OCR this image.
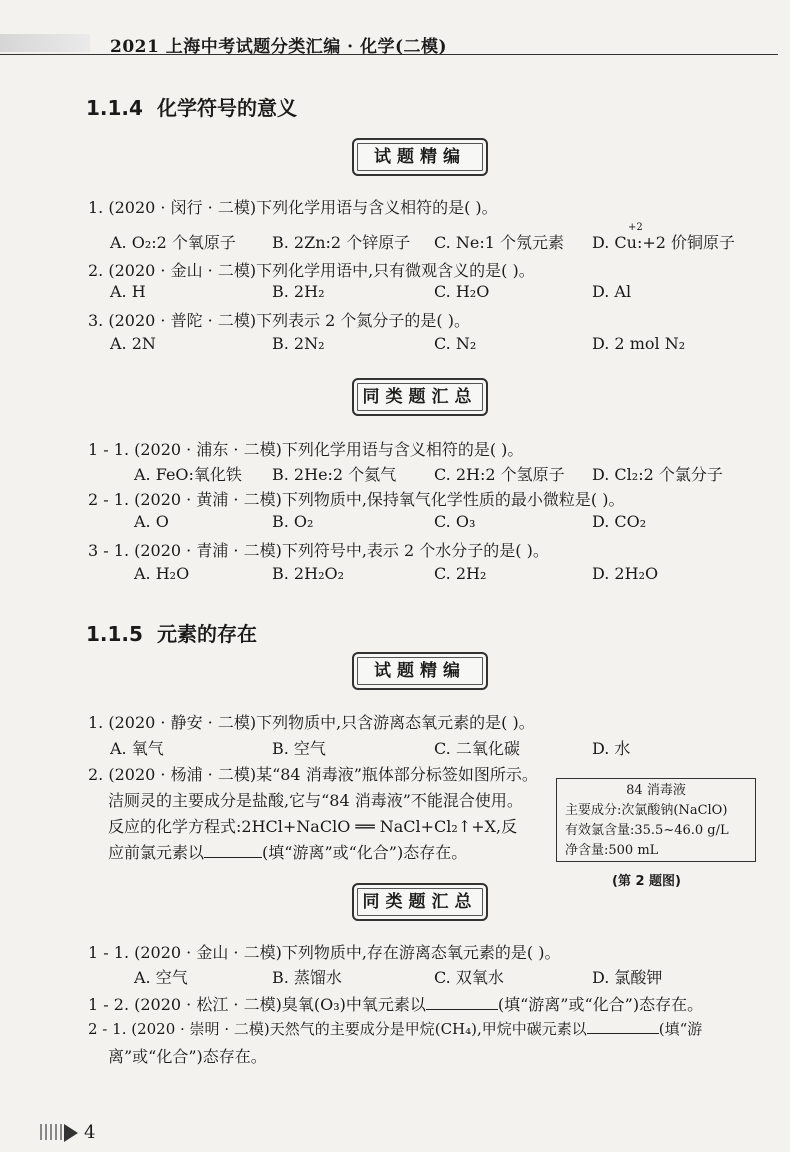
2021 上海中考试题分类汇编 · 化学(二模)
1.1.4 化学符号的意义
试题精编
1. (2020 · 闵行 · 二模)下列化学用语与含义相符的是( )。
A. O₂:2 个氧原子 B. 2Zn:2 个锌原子 C. Ne:1 个氖元素 D. Cu:+2 价铜原子
+2
2. (2020 · 金山 · 二模)下列化学用语中,只有微观含义的是( )。
A. H	B. 2H₂	C. H₂O	D. Al
3. (2020 · 普陀 · 二模)下列表示 2 个氮分子的是( )。
A. 2N	B. 2N₂	C. N₂	D. 2 mol N₂
同类题汇总
1 - 1. (2020 · 浦东 · 二模)下列化学用语与含义相符的是( )。
A. FeO:氧化铁 B. 2He:2 个氦气 C. 2H:2 个氢原子 D. Cl₂:2 个氯分子
2 - 1. (2020 · 黄浦 · 二模)下列物质中,保持氧气化学性质的最小微粒是( )。
A. O	B. O₂	C. O₃	D. CO₂
3 - 1. (2020 · 青浦 · 二模)下列符号中,表示 2 个水分子的是( )。
A. H₂O	B. 2H₂O₂	C. 2H₂	D. 2H₂O
1.1.5 元素的存在
试题精编
1. (2020 · 静安 · 二模)下列物质中,只含游离态氧元素的是( )。
A. 氧气	B. 空气	C. 二氧化碳	D. 水
2. (2020 · 杨浦 · 二模)某“84 消毒液”瓶体部分标签如图所示。
洁厕灵的主要成分是盐酸,它与“84 消毒液”不能混合使用。
反应的化学方程式:2HCl+NaClO ══ NaCl+Cl₂↑+X,反
应前氯元素以	(填“游离”或“化合”)态存在。
84 消毒液
主要成分:次氯酸钠(NaClO)
有效氯含量:35.5~46.0 g/L
净含量:500 mL
(第 2 题图)
同类题汇总
1 - 1. (2020 · 金山 · 二模)下列物质中,存在游离态氧元素的是( )。
A. 空气	B. 蒸馏水	C. 双氧水	D. 氯酸钾
1 - 2. (2020 · 松江 · 二模)臭氧(O₃)中氧元素以	(填“游离”或“化合”)态存在。
2 - 1. (2020 · 崇明 · 二模)天然气的主要成分是甲烷(CH₄),甲烷中碳元素以	(填“游
离”或“化合”)态存在。
4
